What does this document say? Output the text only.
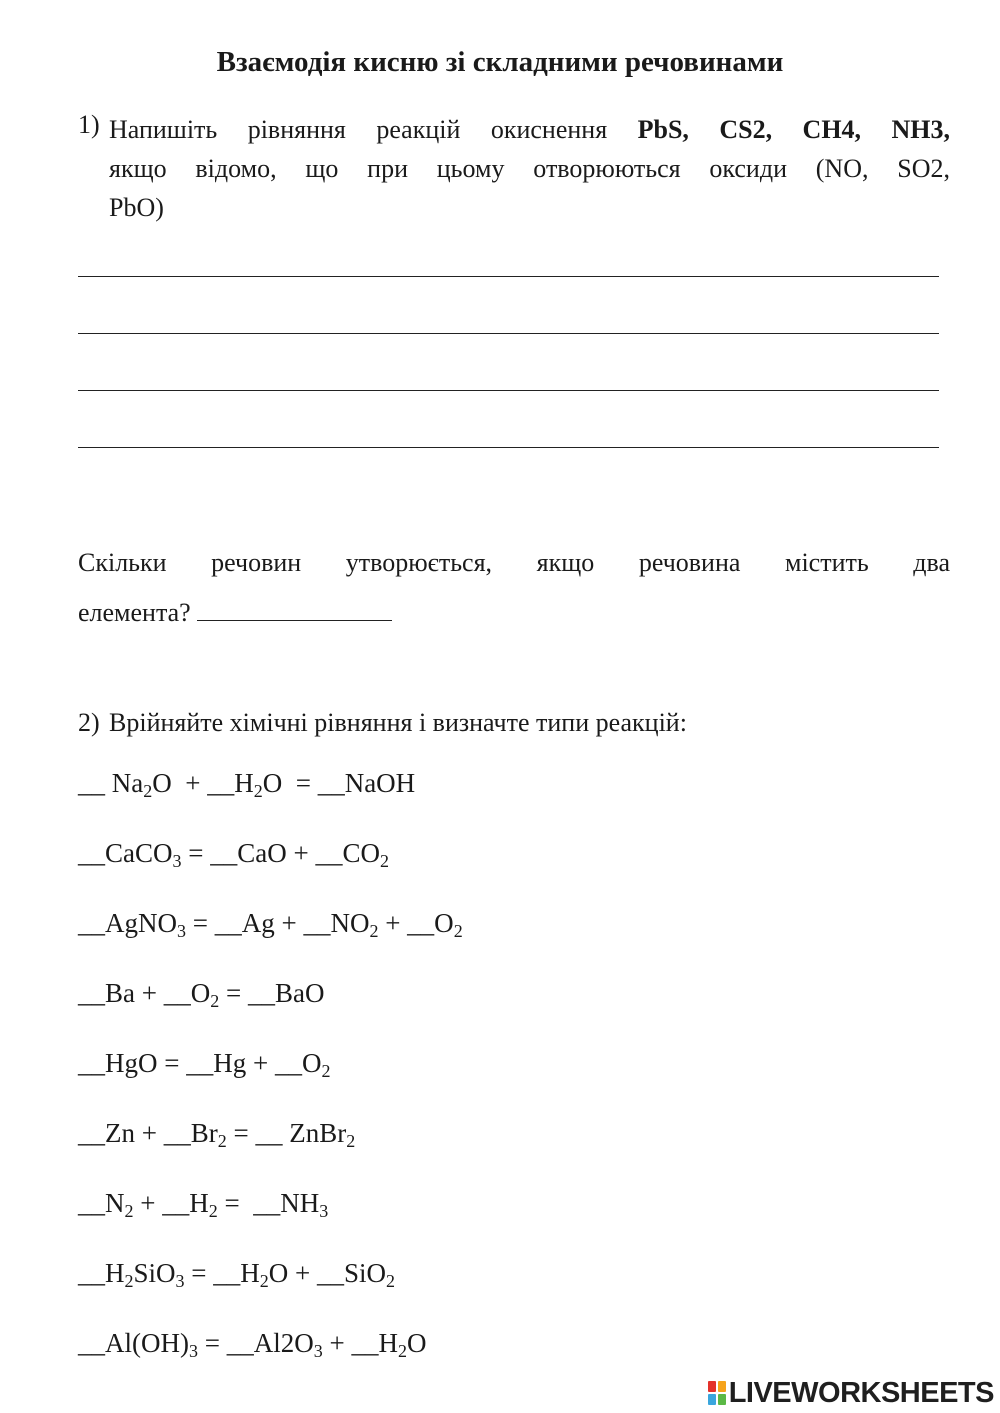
Взаємодія кисню зі складними речовинами
1) Напишіть рівняння реакцій окиснення PbS, CS2, CH4, NH3,
якщо відомо, що при цьому отворюються оксиди (NO, SO2,
PbO)
Скільки речовин утворюється, якщо речовина містить два
елемента?
2) Врійняйте хімічні рівняння і визначте типи реакцій:
__ $Na_2O$  + $\_\_H_2O$  = __NaOH
__CaCO$_3$ = __CaO + $\_\_CO_2$
__AgNO$_3$ = __Ag + $\_\_NO_2$ + $\_\_O_2$
__Ba + $\_\_O_2$ = __BaO
__HgO = __Hg + $\_\_O_2$
__Zn + $\_\_Br_2$ = __ ZnBr$_2$
$\_\_N_2$ + $\_\_H_2$ =  $\_\_NH_3$
$\_\_H_2SiO_3$ = $\_\_H_2O$ + __SiO$_2$
$\_\_Al(OH)_3$ = $\_\_Al2O_3$ + $\_\_H_2O$
LIVEWORKSHEETS
